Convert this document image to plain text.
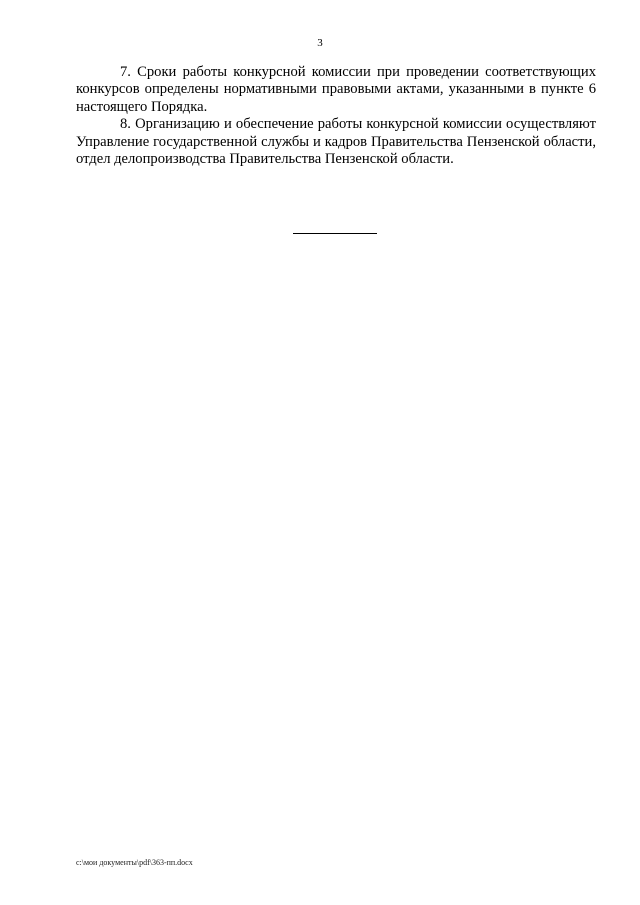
3

7. Сроки работы конкурсной комиссии при проведении соответствующих конкурсов определены нормативными правовыми актами, указанными в пункте 6 настоящего Порядка.

8. Организацию и обеспечение работы конкурсной комиссии осуществляют Управление государственной службы и кадров Правительства Пензенской области, отдел делопроизводства Правительства Пензенской области.

c:\мои документы\pdf\363-пп.docx
